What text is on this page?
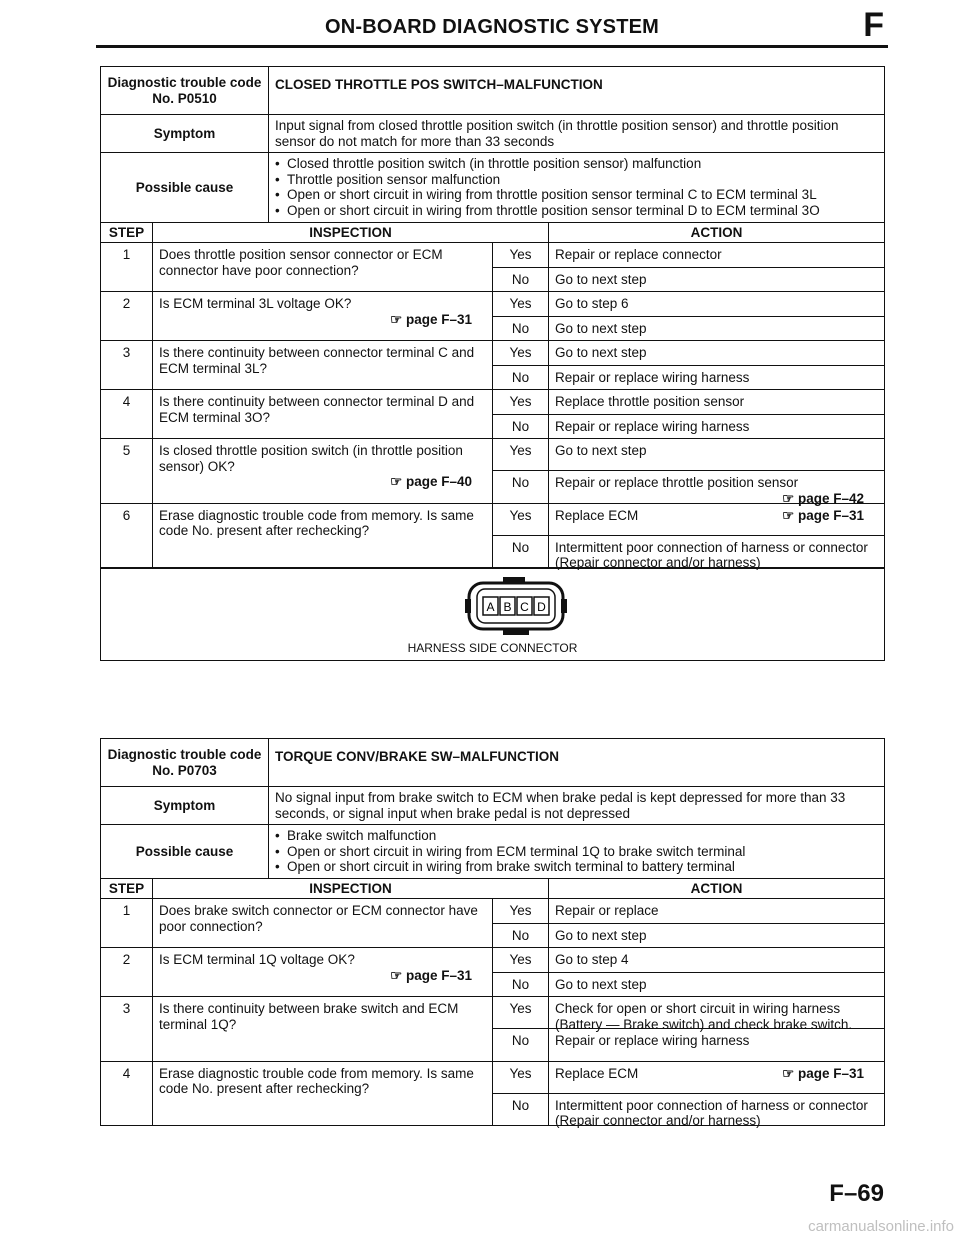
ON-BOARD DIAGNOSTIC SYSTEM	F
Diagnostic trouble code No. P0510
CLOSED THROTTLE POS SWITCH–MALFUNCTION
Symptom
Input signal from closed throttle position switch (in throttle position sensor) and throttle position sensor do not match for more than 33 seconds
Possible cause
• Closed throttle position switch (in throttle position sensor) malfunction
• Throttle position sensor malfunction
• Open or short circuit in wiring from throttle position sensor terminal C to ECM terminal 3L
• Open or short circuit in wiring from throttle position sensor terminal D to ECM terminal 3O
STEP	INSPECTION	ACTION
1	Does throttle position sensor connector or ECM connector have poor connection?
Yes	Repair or replace connector
No	Go to next step
2	Is ECM terminal 3L voltage OK?
☞ page F–31
Yes	Go to step 6
No	Go to next step
3	Is there continuity between connector terminal C and ECM terminal 3L?
Yes	Go to next step
No	Repair or replace wiring harness
4	Is there continuity between connector terminal D and ECM terminal 3O?
Yes	Replace throttle position sensor
No	Repair or replace wiring harness
5	Is closed throttle position switch (in throttle position sensor) OK?
☞ page F–40
Yes	Go to next step
No	Repair or replace throttle position sensor
☞ page F–42
6	Erase diagnostic trouble code from memory. Is same code No. present after rechecking?
Yes	Replace ECM	☞ page F–31
No	Intermittent poor connection of harness or connector (Repair connector and/or harness)
A B C D
HARNESS SIDE CONNECTOR
Diagnostic trouble code No. P0703
TORQUE CONV/BRAKE SW–MALFUNCTION
Symptom
No signal input from brake switch to ECM when brake pedal is kept depressed for more than 33 seconds, or signal input when brake pedal is not depressed
Possible cause
• Brake switch malfunction
• Open or short circuit in wiring from ECM terminal 1Q to brake switch terminal
• Open or short circuit in wiring from brake switch terminal to battery terminal
STEP	INSPECTION	ACTION
1	Does brake switch connector or ECM connector have poor connection?
Yes	Repair or replace
No	Go to next step
2	Is ECM terminal 1Q voltage OK?
☞ page F–31
Yes	Go to step 4
No	Go to next step
3	Is there continuity between brake switch and ECM terminal 1Q?
Yes	Check for open or short circuit in wiring harness (Battery — Brake switch) and check brake switch.
No	Repair or replace wiring harness
4	Erase diagnostic trouble code from memory. Is same code No. present after rechecking?
Yes	Replace ECM	☞ page F–31
No	Intermittent poor connection of harness or connector (Repair connector and/or harness)
F–69
carmanualsonline.info
